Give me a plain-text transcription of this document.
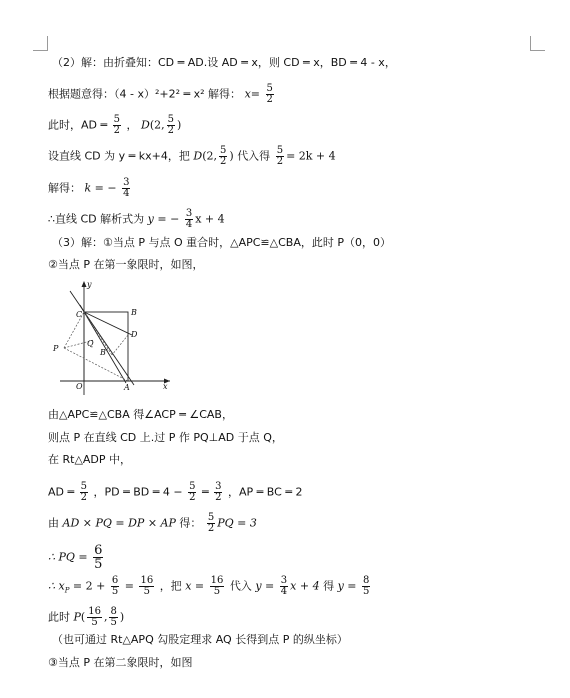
（2）解：由折叠知：CD ═ AD.设 AD ═ x，则 CD ═ x，BD ═ 4 - x，
根据题意得：（4 - x）²+2² ═ x² 解得： $x= \frac{5}{2}$
此时，AD ═ $\frac{5}{2}$ ， D(2, $\frac{5}{2}$ )
设直线 CD 为 y ═ kx+4，把 D(2, $\frac{5}{2}$ ) 代入得 $\frac{5}{2} = 2k + 4$
解得： k = − $\frac{3}{4}$
∴直线 CD 解析式为 y = − $\frac{3}{4}$ x + 4
（3）解：①当点 P 与点 O 重合时，△APC≌△CBA，此时 P（0，0）
②当点 P 在第一象限时，如图，
y
x
C	B
D
P
Q
B'
O	A
由△APC≌△CBA 得∠ACP ═ ∠CAB，
则点 P 在直线 CD 上.过 P 作 PQ⊥AD 于点 Q，
在 Rt△ADP 中，
AD ═ $\frac{5}{2}$ ，PD ═ BD ═ $4 - \frac{5}{2}$ ═ $\frac{3}{2}$ ，AP ═ BC ═ 2
由 AD × PQ = DP × AP 得： $\frac{5}{2}$ PQ = 3
∴ PQ = $\frac{6}{5}$
∴ $x_P = 2 + \frac{6}{5} = \frac{16}{5}$ ，把 $x = \frac{16}{5}$ 代入 $y = \frac{3}{4}$ x + 4 得 $y = \frac{8}{5}$
此时 $P( \frac{16}{5}$ , $\frac{8}{5}$ )
（也可通过 Rt△APQ 勾股定理求 AQ 长得到点 P 的纵坐标）
③当点 P 在第二象限时，如图
